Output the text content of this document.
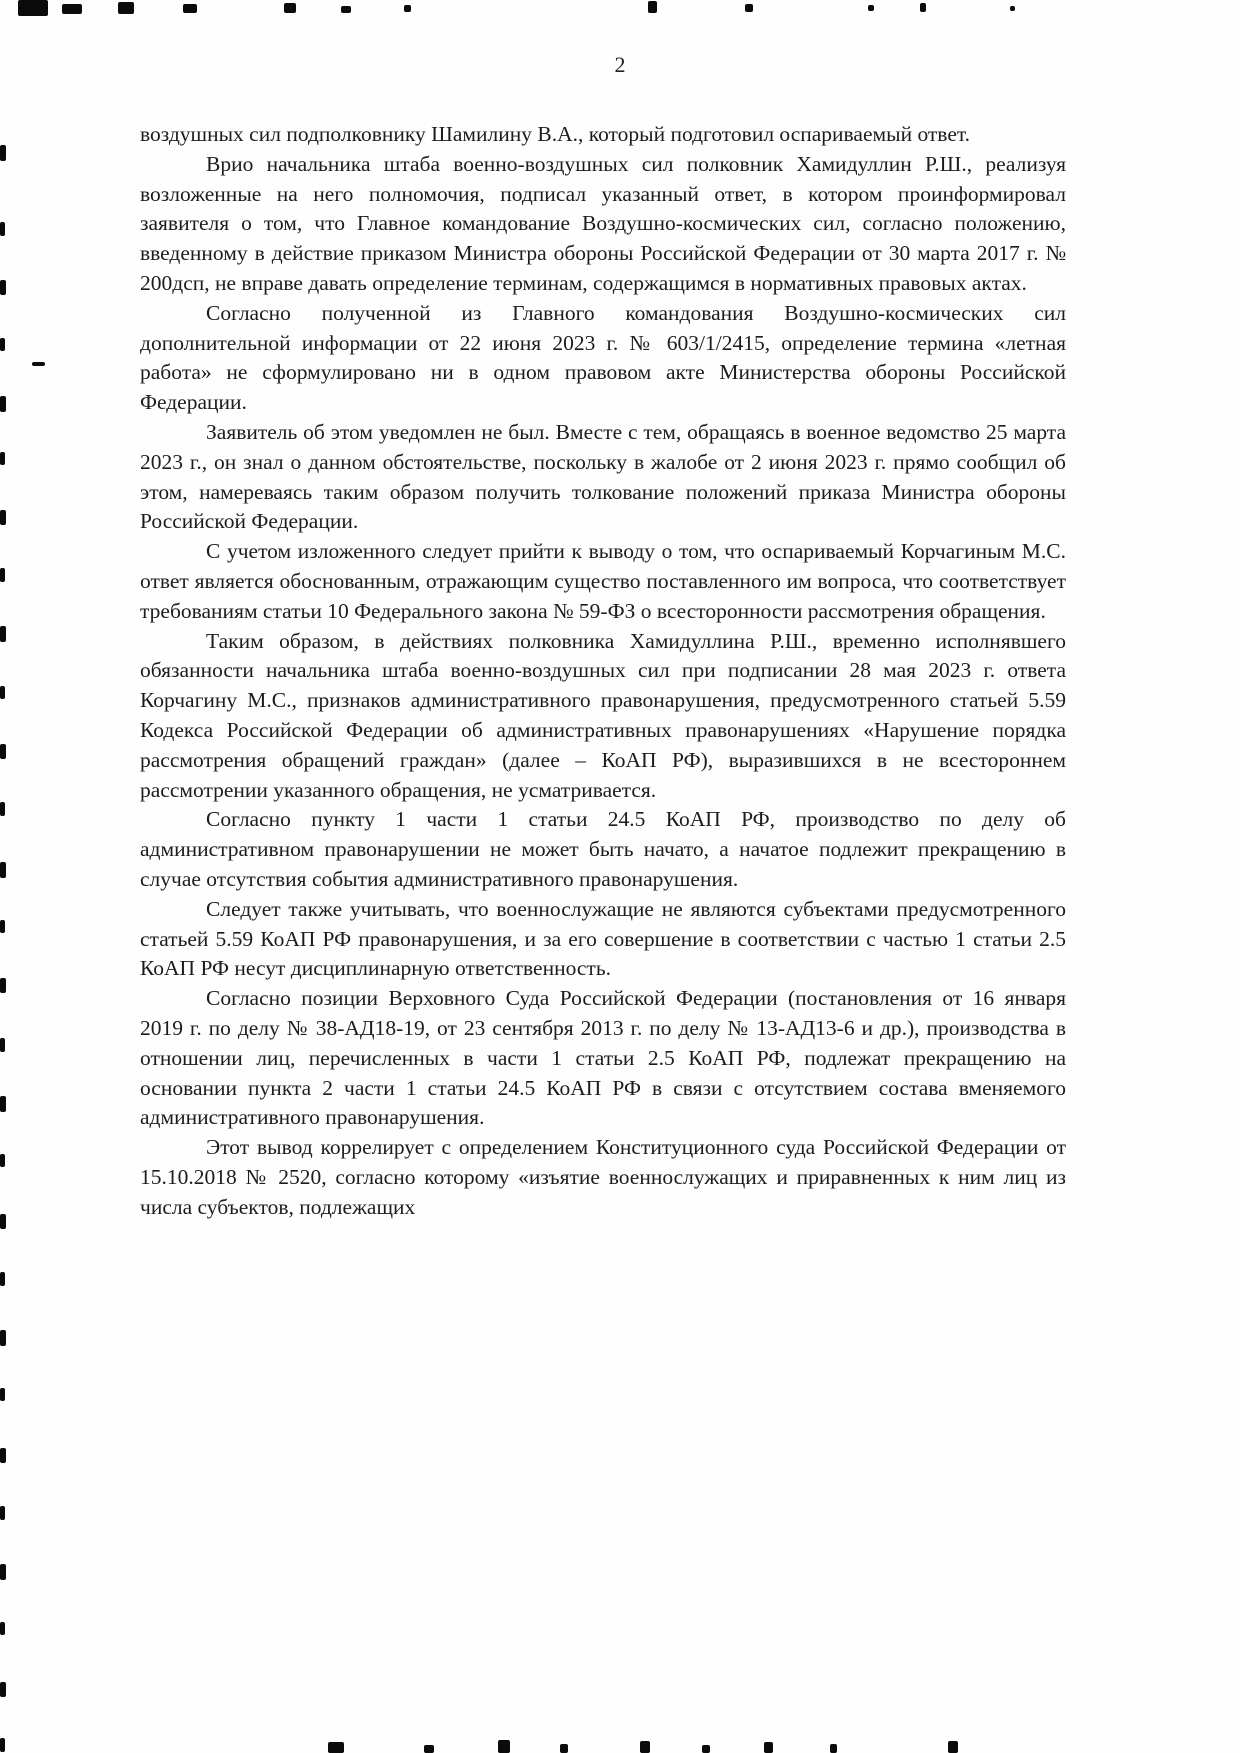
2

воздушных сил подполковнику Шамилину В.А., который подготовил оспариваемый ответ.

Врио начальника штаба военно-воздушных сил полковник Хамидуллин Р.Ш., реализуя возложенные на него полномочия, подписал указанный ответ, в котором проинформировал заявителя о том, что Главное командование Воздушно-космических сил, согласно положению, введенному в действие приказом Министра обороны Российской Федерации от 30 марта 2017 г. № 200дсп, не вправе давать определение терминам, содержащимся в нормативных правовых актах.

Согласно полученной из Главного командования Воздушно-космических сил дополнительной информации от 22 июня 2023 г. № 603/1/2415, определение термина «летная работа» не сформулировано ни в одном правовом акте Министерства обороны Российской Федерации.

Заявитель об этом уведомлен не был. Вместе с тем, обращаясь в военное ведомство 25 марта 2023 г., он знал о данном обстоятельстве, поскольку в жалобе от 2 июня 2023 г. прямо сообщил об этом, намереваясь таким образом получить толкование положений приказа Министра обороны Российской Федерации.

С учетом изложенного следует прийти к выводу о том, что оспариваемый Корчагиным М.С. ответ является обоснованным, отражающим существо поставленного им вопроса, что соответствует требованиям статьи 10 Федерального закона № 59-ФЗ о всесторонности рассмотрения обращения.

Таким образом, в действиях полковника Хамидуллина Р.Ш., временно исполнявшего обязанности начальника штаба военно-воздушных сил при подписании 28 мая 2023 г. ответа Корчагину М.С., признаков административного правонарушения, предусмотренного статьей 5.59 Кодекса Российской Федерации об административных правонарушениях «Нарушение порядка рассмотрения обращений граждан» (далее – КоАП РФ), выразившихся в не всестороннем рассмотрении указанного обращения, не усматривается.

Согласно пункту 1 части 1 статьи 24.5 КоАП РФ, производство по делу об административном правонарушении не может быть начато, а начатое подлежит прекращению в случае отсутствия события административного правонарушения.

Следует также учитывать, что военнослужащие не являются субъектами предусмотренного статьей 5.59 КоАП РФ правонарушения, и за его совершение в соответствии с частью 1 статьи 2.5 КоАП РФ несут дисциплинарную ответственность.

Согласно позиции Верховного Суда Российской Федерации (постановления от 16 января 2019 г. по делу № 38-АД18-19, от 23 сентября 2013 г. по делу № 13-АД13-6 и др.), производства в отношении лиц, перечисленных в части 1 статьи 2.5 КоАП РФ, подлежат прекращению на основании пункта 2 части 1 статьи 24.5 КоАП РФ в связи с отсутствием состава вменяемого административного правонарушения.

Этот вывод коррелирует с определением Конституционного суда Российской Федерации от 15.10.2018 № 2520, согласно которому «изъятие военнослужащих и приравненных к ним лиц из числа субъектов, подлежащих
